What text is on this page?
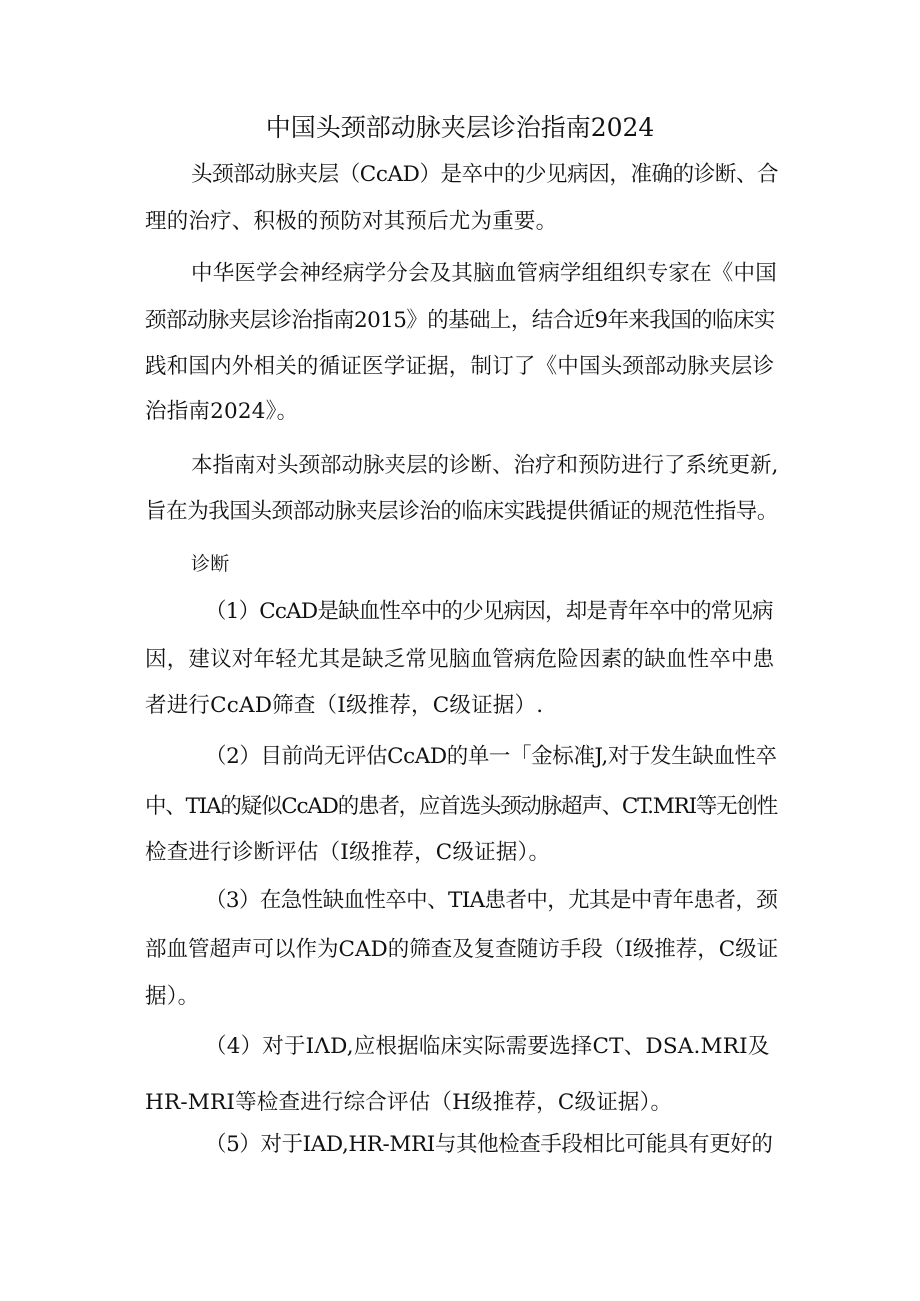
中国头颈部动脉夹层诊治指南2024
头颈部动脉夹层（CcAD）是卒中的少见病因，准确的诊断、合
理的治疗、积极的预防对其预后尤为重要。
中华医学会神经病学分会及其脑血管病学组组织专家在《中国
颈部动脉夹层诊治指南2015》的基础上，结合近9年来我国的临床实
践和国内外相关的循证医学证据，制订了《中国头颈部动脉夹层诊
治指南2024》。
本指南对头颈部动脉夹层的诊断、治疗和预防进行了系统更新,
旨在为我国头颈部动脉夹层诊治的临床实践提供循证的规范性指导。
诊断
（1）CcAD是缺血性卒中的少见病因，却是青年卒中的常见病
因，建议对年轻尤其是缺乏常见脑血管病危险因素的缺血性卒中患
者进行CcAD筛查（I级推荐，C级证据）.
（2）目前尚无评估CcAD的单一「金标准J,对于发生缺血性卒
中、TIA的疑似CcAD的患者，应首选头颈动脉超声、CT.MRI等无创性
检查进行诊断评估（I级推荐，C级证据）。
（3）在急性缺血性卒中、TIA患者中，尤其是中青年患者，颈
部血管超声可以作为CAD的筛查及复查随访手段（I级推荐，C级证
据）。
（4）对于IΛD,应根据临床实际需要选择CT、DSA.MRI及
HR-MRI等检查进行综合评估（H级推荐，C级证据）。
（5）对于IAD,HR-MRI与其他检查手段相比可能具有更好的
